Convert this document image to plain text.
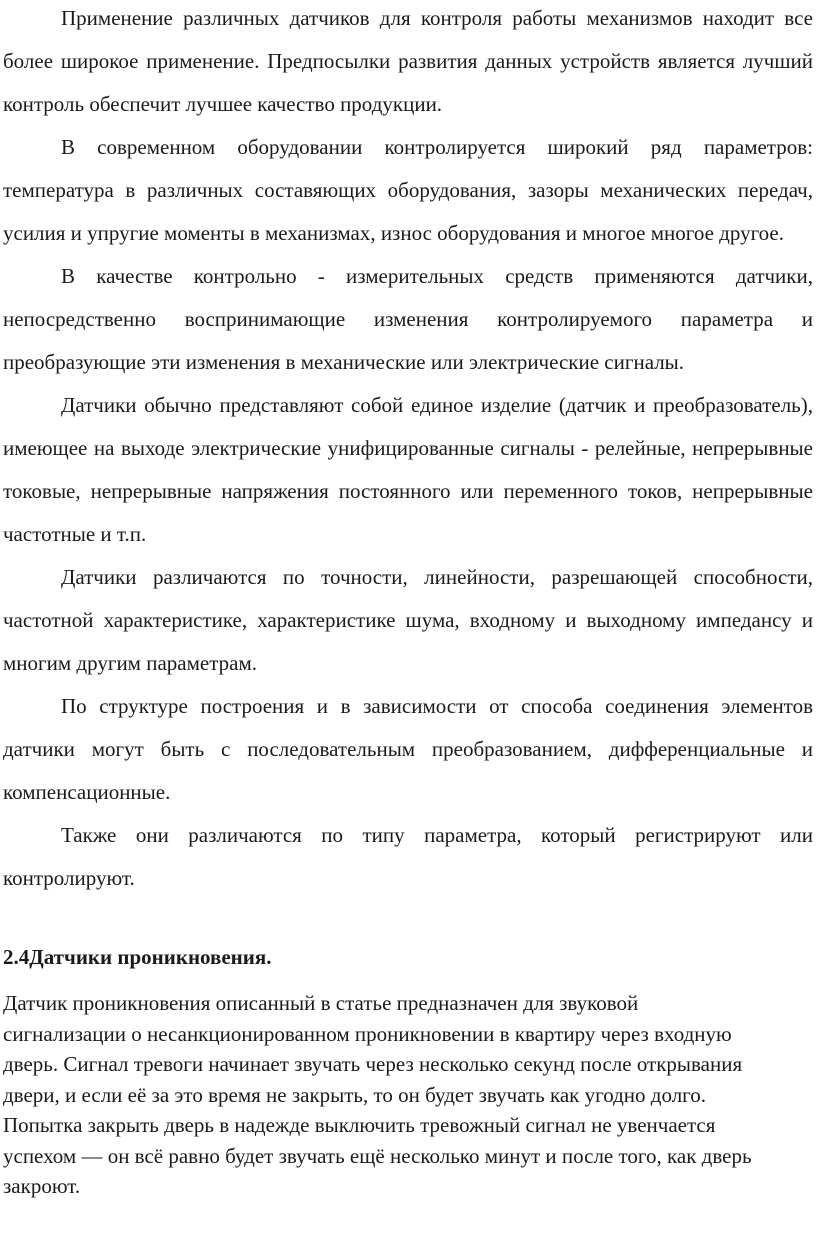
Применение различных датчиков для контроля работы механизмов находит все более широкое применение. Предпосылки развития данных устройств является лучший контроль обеспечит лучшее качество продукции.

В современном оборудовании контролируется широкий ряд параметров: температура в различных составяющих оборудования, зазоры механических передач, усилия и упругие моменты в механизмах, износ оборудования и многое многое другое.

В качестве контрольно - измерительных средств применяются датчики, непосредственно воспринимающие изменения контролируемого параметра и преобразующие эти изменения в механические или электрические сигналы.

Датчики обычно представляют собой единое изделие (датчик и преобразователь), имеющее на выходе электрические унифицированные сигналы - релейные, непрерывные токовые, непрерывные напряжения постоянного или переменного токов, непрерывные частотные и т.п.

Датчики различаются по точности, линейности, разрешающей способности, частотной характеристике, характеристике шума, входному и выходному импедансу и многим другим параметрам.

По структуре построения и в зависимости от способа соединения элементов датчики могут быть с последовательным преобразованием, дифференциальные и компенсационные.

Также они различаются по типу параметра, который регистрируют или контролируют.

2.4Датчики проникновения.

Датчик проникновения описанный в статье предназначен для звуковой сигнализации о несанкционированном проникновении в квартиру через входную дверь. Сигнал тревоги начинает звучать через несколько секунд после открывания двери, и если её за это время не закрыть, то он будет звучать как угодно долго. Попытка закрыть дверь в надежде выключить тревожный сигнал не увенчается успехом — он всё равно будет звучать ещё несколько минут и после того, как дверь закроют.
